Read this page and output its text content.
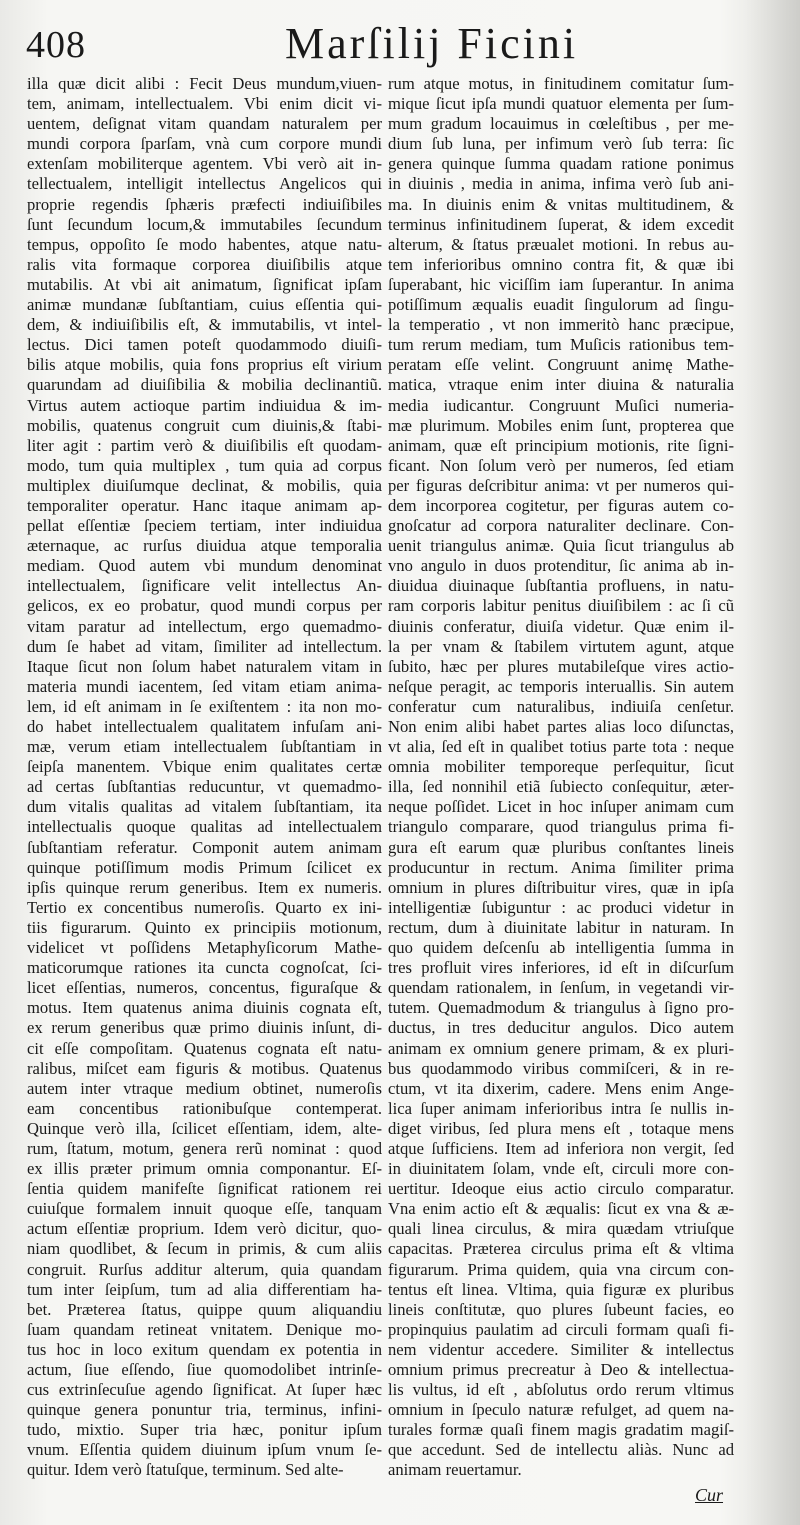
408	Marſilij Ficini
illa quæ dicit alibi : Fecit Deus mundum,viuen-
tem, animam, intellectualem. Vbi enim dicit vi-
uentem, deſignat vitam quandam naturalem per
mundi corpora ſparſam, vnà cum corpore mundi
extenſam mobiliterque agentem. Vbi verò ait in-
tellectualem, intelligit intellectus Angelicos qui
proprie regendis ſphæris præfecti indiuiſibiles
ſunt ſecundum locum,& immutabiles ſecundum
tempus, oppoſito ſe modo habentes, atque natu-
ralis vita formaque corporea diuiſibilis atque
mutabilis. At vbi ait animatum, ſignificat ipſam
animæ mundanæ ſubſtantiam, cuius eſſentia qui-
dem, & indiuiſibilis eſt, & immutabilis, vt intel-
lectus. Dici tamen poteſt quodammodo diuiſi-
bilis atque mobilis, quia fons proprius eſt virium
quarundam ad diuiſibilia & mobilia declinantiũ.
Virtus autem actioque partim indiuidua & im-
mobilis, quatenus congruit cum diuinis,& ſtabi-
liter agit : partim verò & diuiſibilis eſt quodam-
modo, tum quia multiplex , tum quia ad corpus
multiplex diuiſumque declinat, & mobilis, quia
temporaliter operatur. Hanc itaque animam ap-
pellat eſſentiæ ſpeciem tertiam, inter indiuidua
æternaque, ac rurſus diuidua atque temporalia
mediam. Quod autem vbi mundum denominat
intellectualem, ſignificare velit intellectus An-
gelicos, ex eo probatur, quod mundi corpus per
vitam paratur ad intellectum, ergo quemadmo-
dum ſe habet ad vitam, ſimiliter ad intellectum.
Itaque ſicut non ſolum habet naturalem vitam in
materia mundi iacentem, ſed vitam etiam anima-
lem, id eſt animam in ſe exiſtentem : ita non mo-
do habet intellectualem qualitatem infuſam ani-
mæ, verum etiam intellectualem ſubſtantiam in
ſeipſa manentem. Vbique enim qualitates certæ
ad certas ſubſtantias reducuntur, vt quemadmo-
dum vitalis qualitas ad vitalem ſubſtantiam, ita
intellectualis quoque qualitas ad intellectualem
ſubſtantiam referatur. Componit autem animam
quinque potiſſimum modis Primum ſcilicet ex
ipſis quinque rerum generibus. Item ex numeris.
Tertio ex concentibus numeroſis. Quarto ex ini-
tiis figurarum. Quinto ex principiis motionum,
videlicet vt poſſidens Metaphyſicorum Mathe-
maticorumque rationes ita cuncta cognoſcat, ſci-
licet eſſentias, numeros, concentus, figuraſque &
motus. Item quatenus anima diuinis cognata eſt,
ex rerum generibus quæ primo diuinis inſunt, di-
cit eſſe compoſitam. Quatenus cognata eſt natu-
ralibus, miſcet eam figuris & motibus. Quatenus
autem inter vtraque medium obtinet, numeroſis
eam concentibus rationibuſque contemperat.
Quinque verò illa, ſcilicet eſſentiam, idem, alte-
rum, ſtatum, motum, genera rerũ nominat : quod
ex illis præter primum omnia componantur. Eſ-
ſentia quidem manifeſte ſignificat rationem rei
cuiuſque formalem innuit quoque eſſe, tanquam
actum eſſentiæ proprium. Idem verò dicitur, quo-
niam quodlibet, & ſecum in primis, & cum aliis
congruit. Rurſus additur alterum, quia quandam
tum inter ſeipſum, tum ad alia differentiam ha-
bet. Præterea ſtatus, quippe quum aliquandiu
ſuam quandam retineat vnitatem. Denique mo-
tus hoc in loco exitum quendam ex potentia in
actum, ſiue eſſendo, ſiue quomodolibet intrinſe-
cus extrinſecuſue agendo ſignificat. At ſuper hæc
quinque genera ponuntur tria, terminus, infini-
tudo, mixtio. Super tria hæc, ponitur ipſum
vnum. Eſſentia quidem diuinum ipſum vnum ſe-
quitur. Idem verò ſtatuſque, terminum. Sed alte-
rum atque motus, in finitudinem comitatur ſum-
mique ſicut ipſa mundi quatuor elementa per ſum-
mum gradum locauimus in cœleſtibus , per me-
dium ſub luna, per infimum verò ſub terra: ſic
genera quinque ſumma quadam ratione ponimus
in diuinis , media in anima, infima verò ſub ani-
ma. In diuinis enim & vnitas multitudinem, &
terminus infinitudinem ſuperat, & idem excedit
alterum, & ſtatus præualet motioni. In rebus au-
tem inferioribus omnino contra fit, & quæ ibi
ſuperabant, hic viciſſim iam ſuperantur. In anima
potiſſimum æqualis euadit ſingulorum ad ſingu-
la temperatio , vt non immeritò hanc præcipue,
tum rerum mediam, tum Muſicis rationibus tem-
peratam eſſe velint. Congruunt animę Mathe-
matica, vtraque enim inter diuina & naturalia
media iudicantur. Congruunt Muſici numeria-
mæ plurimum. Mobiles enim ſunt, propterea que
animam, quæ eſt principium motionis, rite ſigni-
ficant. Non ſolum verò per numeros, ſed etiam
per figuras deſcribitur anima: vt per numeros qui-
dem incorporea cogitetur, per figuras autem co-
gnoſcatur ad corpora naturaliter declinare. Con-
uenit triangulus animæ. Quia ſicut triangulus ab
vno angulo in duos protenditur, ſic anima ab in-
diuidua diuinaque ſubſtantia profluens, in natu-
ram corporis labitur penitus diuiſibilem : ac ſi cũ
diuinis conferatur, diuiſa videtur. Quæ enim il-
la per vnam & ſtabilem virtutem agunt, atque
ſubito, hæc per plures mutabileſque vires actio-
neſque peragit, ac temporis interuallis. Sin autem
conferatur cum naturalibus, indiuiſa cenſetur.
Non enim alibi habet partes alias loco diſunctas,
vt alia, ſed eſt in qualibet totius parte tota : neque
omnia mobiliter temporeque perſequitur, ſicut
illa, ſed nonnihil etiã ſubiecto conſequitur, æter-
neque poſſidet. Licet in hoc inſuper animam cum
triangulo comparare, quod triangulus prima fi-
gura eſt earum quæ pluribus conſtantes lineis
producuntur in rectum. Anima ſimiliter prima
omnium in plures diſtribuitur vires, quæ in ipſa
intelligentiæ ſubiguntur : ac produci videtur in
rectum, dum à diuinitate labitur in naturam. In
quo quidem deſcenſu ab intelligentia ſumma in
tres profluit vires inferiores, id eſt in diſcurſum
quendam rationalem, in ſenſum, in vegetandi vir-
tutem. Quemadmodum & triangulus à ſigno pro-
ductus, in tres deducitur angulos. Dico autem
animam ex omnium genere primam, & ex pluri-
bus quodammodo viribus commiſceri, & in re-
ctum, vt ita dixerim, cadere. Mens enim Ange-
lica ſuper animam inferioribus intra ſe nullis in-
diget viribus, ſed plura mens eſt , totaque mens
atque ſufficiens. Item ad inferiora non vergit, ſed
in diuinitatem ſolam, vnde eſt, circuli more con-
uertitur. Ideoque eius actio circulo comparatur.
Vna enim actio eſt & æqualis: ſicut ex vna & æ-
quali linea circulus, & mira quædam vtriuſque
capacitas. Præterea circulus prima eſt & vltima
figurarum. Prima quidem, quia vna circum con-
tentus eſt linea. Vltima, quia figuræ ex pluribus
lineis conſtitutæ, quo plures ſubeunt facies, eo
propinquius paulatim ad circuli formam quaſi fi-
nem videntur accedere. Similiter & intellectus
omnium primus precreatur à Deo & intellectua-
lis vultus, id eſt , abſolutus ordo rerum vltimus
omnium in ſpeculo naturæ refulget, ad quem na-
turales formæ quaſi finem magis gradatim magiſ-
que accedunt. Sed de intellectu aliàs. Nunc ad
animam reuertamur.
Cur
